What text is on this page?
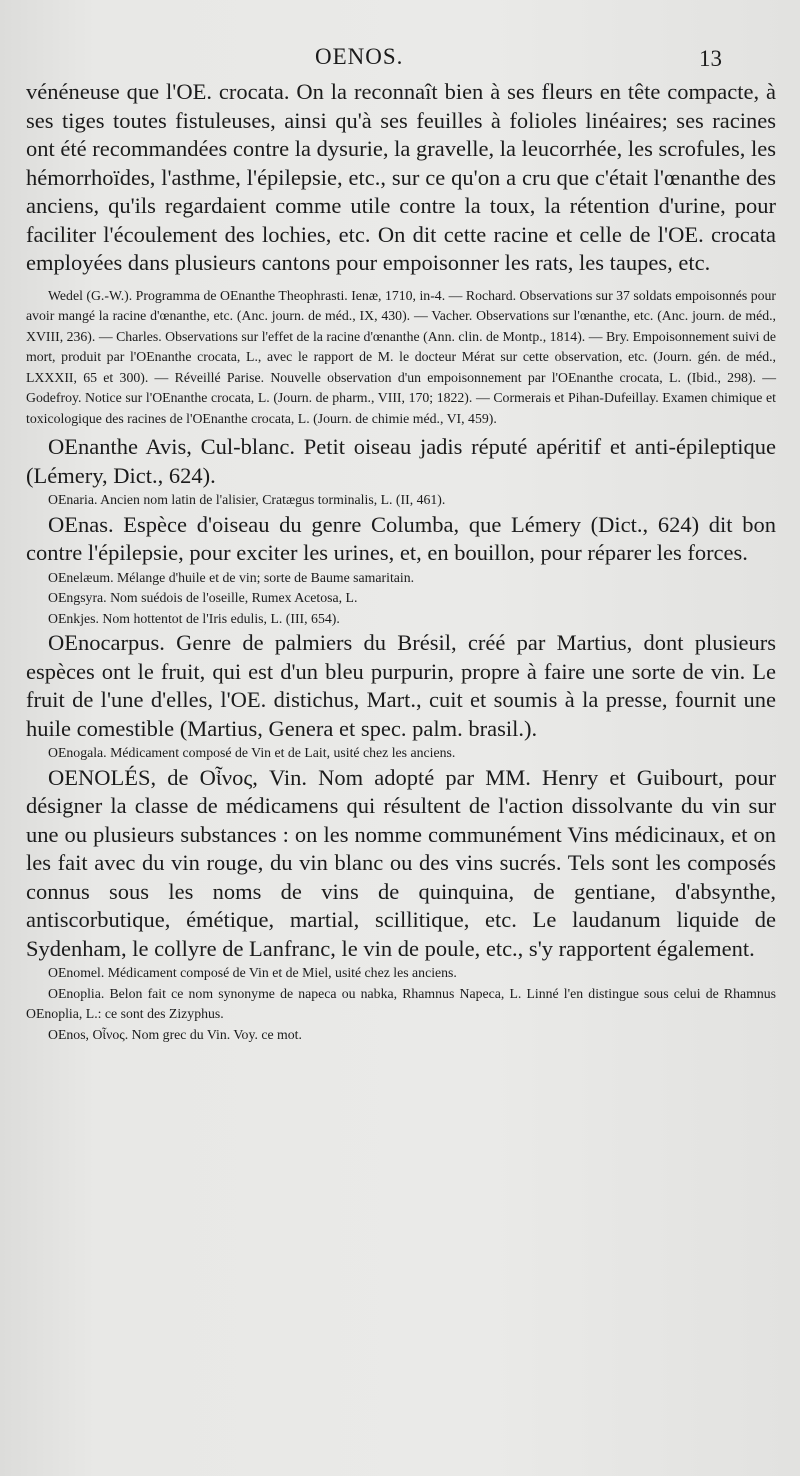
OENOS.	13

vénéneuse que l'OE. crocata. On la reconnaît bien à ses fleurs en tête compacte, à ses tiges toutes fistuleuses, ainsi qu'à ses feuilles à folioles linéaires; ses racines ont été recommandées contre la dysurie, la gravelle, la leucorrhée, les scrofules, les hémorrhoïdes, l'asthme, l'épilepsie, etc., sur ce qu'on a cru que c'était l'œnanthe des anciens, qu'ils regardaient comme utile contre la toux, la rétention d'urine, pour faciliter l'écoulement des lochies, etc. On dit cette racine et celle de l'OE. crocata employées dans plusieurs cantons pour empoisonner les rats, les taupes, etc.

Wedel (G.-W.). Programma de OEnanthe Theophrasti. Ienæ, 1710, in-4. — Rochard. Observations sur 37 soldats empoisonnés pour avoir mangé la racine d'œnanthe, etc. (Anc. journ. de méd., IX, 430). — Vacher. Observations sur l'œnanthe, etc. (Anc. journ. de méd., XVIII, 236). — Charles. Observations sur l'effet de la racine d'œnanthe (Ann. clin. de Montp., 1814). — Bry. Empoisonnement suivi de mort, produit par l'OEnanthe crocata, L., avec le rapport de M. le docteur Mérat sur cette observation, etc. (Journ. gén. de méd., LXXXII, 65 et 300). — Réveillé Parise. Nouvelle observation d'un empoisonnement par l'OEnanthe crocata, L. (Ibid., 298). — Godefroy. Notice sur l'OEnanthe crocata, L. (Journ. de pharm., VIII, 170; 1822). — Cormerais et Pihan-Dufeillay. Examen chimique et toxicologique des racines de l'OEnanthe crocata, L. (Journ. de chimie méd., VI, 459).

OEnanthe Avis, Cul-blanc. Petit oiseau jadis réputé apéritif et anti-épileptique (Lémery, Dict., 624).

OEnaria. Ancien nom latin de l'alisier, Cratægus torminalis, L. (II, 461).

OEnas. Espèce d'oiseau du genre Columba, que Lémery (Dict., 624) dit bon contre l'épilepsie, pour exciter les urines, et, en bouillon, pour réparer les forces.

OEnelæum. Mélange d'huile et de vin; sorte de Baume samaritain.

OEngsyra. Nom suédois de l'oseille, Rumex Acetosa, L.

OEnkjes. Nom hottentot de l'Iris edulis, L. (III, 654).

OEnocarpus. Genre de palmiers du Brésil, créé par Martius, dont plusieurs espèces ont le fruit, qui est d'un bleu purpurin, propre à faire une sorte de vin. Le fruit de l'une d'elles, l'OE. distichus, Mart., cuit et soumis à la presse, fournit une huile comestible (Martius, Genera et spec. palm. brasil.).

OEnogala. Médicament composé de Vin et de Lait, usité chez les anciens.

OENOLÉS, de Οἶνος, Vin. Nom adopté par MM. Henry et Guibourt, pour désigner la classe de médicamens qui résultent de l'action dissolvante du vin sur une ou plusieurs substances : on les nomme communément Vins médicinaux, et on les fait avec du vin rouge, du vin blanc ou des vins sucrés. Tels sont les composés connus sous les noms de vins de quinquina, de gentiane, d'absynthe, antiscorbutique, émétique, martial, scillitique, etc. Le laudanum liquide de Sydenham, le collyre de Lanfranc, le vin de poule, etc., s'y rapportent également.

OEnomel. Médicament composé de Vin et de Miel, usité chez les anciens.

OEnoplia. Belon fait ce nom synonyme de napeca ou nabka, Rhamnus Napeca, L. Linné l'en distingue sous celui de Rhamnus OEnoplia, L.: ce sont des Zizyphus.

OEnos, Οἶνος. Nom grec du Vin. Voy. ce mot.
